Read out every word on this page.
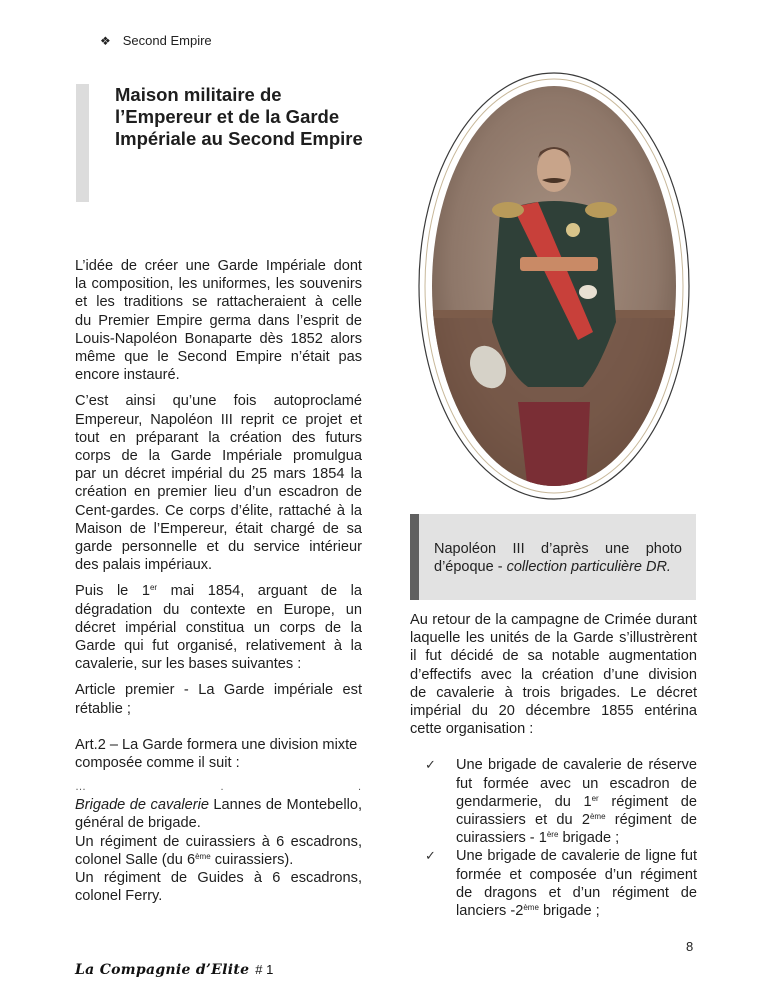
❖ Second Empire
Maison militaire de
l’Empereur et de la Garde
Impériale au Second Empire

L’idée de créer une Garde Impériale dont
la composition, les uniformes, les souvenirs
et les traditions se rattacheraient à celle
du Premier Empire germa dans l’esprit de
Louis-Napoléon Bonaparte dès 1852 alors
même que le Second Empire n’était pas
encore instauré.

C’est ainsi qu’une fois autoproclamé
Empereur, Napoléon III reprit ce projet et
tout en préparant la création des futurs
corps de la Garde Impériale promulgua
par un décret impérial du 25 mars 1854 la
création en premier lieu d’un escadron de
Cent-gardes. Ce corps d’élite, rattaché à la
Maison de l’Empereur, était chargé de sa
garde personnelle et du service intérieur
des palais impériaux.

Puis le 1er mai 1854, arguant de la
dégradation du contexte en Europe, un
décret impérial constitua un corps de la
Garde qui fut organisé, relativement à la
cavalerie, sur les bases suivantes :

Article premier - La Garde impériale est
rétablie ;

Art.2 – La Garde formera une division mixte
composée comme il suit :

…	.	.

Brigade de cavalerie Lannes de Montebello,
général de brigade.
Un régiment de cuirassiers à 6 escadrons,
colonel Salle (du 6ème cuirassiers).
Un régiment de Guides à 6 escadrons,
colonel Ferry.

Napoléon III d’après une photo
d’époque - collection particulière DR.

Au retour de la campagne de Crimée durant
laquelle les unités de la Garde s’illustrèrent
il fut décidé de sa notable augmentation
d’effectifs avec la création d’une division
de cavalerie à trois brigades. Le décret
impérial du 20 décembre 1855 entérina
cette organisation :

✓ Une brigade de cavalerie de réserve
fut formée avec un escadron de
gendarmerie, du 1er régiment de
cuirassiers et du 2ème régiment de
cuirassiers - 1ère brigade ;
✓ Une brigade de cavalerie de ligne fut
formée et composée d’un régiment
de dragons et d’un régiment de
lanciers -2ème brigade ;
8
La Compagnie d’Elite # 1
